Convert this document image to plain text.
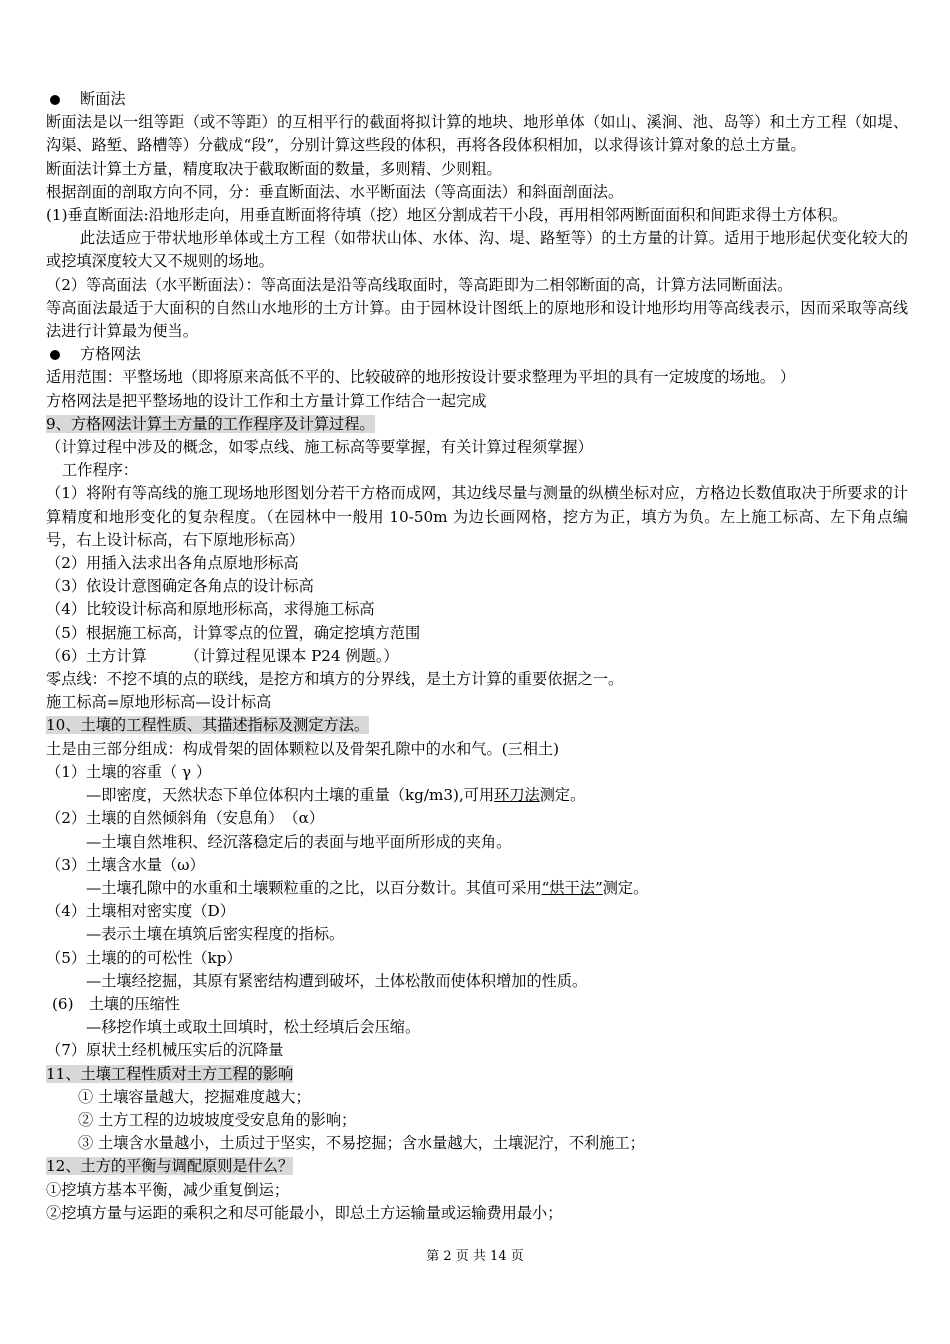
断面法
断面法是以一组等距（或不等距）的互相平行的截面将拟计算的地块、地形单体（如山、溪涧、池、岛等）和土方工程（如堤、沟渠、路堑、路槽等）分截成“段”，分别计算这些段的体积，再将各段体积相加，以求得该计算对象的总土方量。
断面法计算土方量，精度取决于截取断面的数量，多则精、少则粗。
根据剖面的剖取方向不同，分：垂直断面法、水平断面法（等高面法）和斜面剖面法。
(1)垂直断面法:沿地形走向，用垂直断面将待填（挖）地区分割成若干小段，再用相邻两断面面积和间距求得土方体积。
此法适应于带状地形单体或土方工程（如带状山体、水体、沟、堤、路堑等）的土方量的计算。适用于地形起伏变化较大的或挖填深度较大又不规则的场地。
（2）等高面法（水平断面法）：等高面法是沿等高线取面时，等高距即为二相邻断面的高，计算方法同断面法。
等高面法最适于大面积的自然山水地形的土方计算。由于园林设计图纸上的原地形和设计地形均用等高线表示，因而采取等高线法进行计算最为便当。
方格网法
适用范围：平整场地（即将原来高低不平的、比较破碎的地形按设计要求整理为平坦的具有一定坡度的场地。 ）
方格网法是把平整场地的设计工作和土方量计算工作结合一起完成
9、方格网法计算土方量的工作程序及计算过程。
（计算过程中涉及的概念，如零点线、施工标高等要掌握，有关计算过程须掌握）
工作程序：
（1）将附有等高线的施工现场地形图划分若干方格而成网，其边线尽量与测量的纵横坐标对应，方格边长数值取决于所要求的计算精度和地形变化的复杂程度。（在园林中一般用 10-50m 为边长画网格，挖方为正，填方为负。左上施工标高、左下角点编号，右上设计标高，右下原地形标高）
（2）用插入法求出各角点原地形标高
（3）依设计意图确定各角点的设计标高
（4）比较设计标高和原地形标高，求得施工标高
（5）根据施工标高，计算零点的位置，确定挖填方范围
（6）土方计算　　　（计算过程见课本 P24 例题。）
零点线：不挖不填的点的联线，是挖方和填方的分界线，是土方计算的重要依据之一。
施工标高=原地形标高—设计标高
10、土壤的工程性质、其描述指标及测定方法。
土是由三部分组成：构成骨架的固体颗粒以及骨架孔隙中的水和气。(三相土)
（1）土壤的容重（ γ ）
—即密度，天然状态下单位体积内土壤的重量（kg/m3),可用环刀法测定。
（2）土壤的自然倾斜角（安息角）　（α）
—土壤自然堆积、经沉落稳定后的表面与地平面所形成的夹角。
（3）土壤含水量（ω）
—土壤孔隙中的水重和土壤颗粒重的之比，以百分数计。其值可采用“烘干法”测定。
（4）土壤相对密实度（D）
—表示土壤在填筑后密实程度的指标。
（5）土壤的的可松性（kp）
—土壤经挖掘，其原有紧密结构遭到破坏，土体松散而使体积增加的性质。
(6)　土壤的压缩性
—移挖作填土或取土回填时，松土经填后会压缩。
（7）原状土经机械压实后的沉降量
11、土壤工程性质对土方工程的影响
① 土壤容量越大，挖掘难度越大；
② 土方工程的边坡坡度受安息角的影响；
③ 土壤含水量越小，土质过于坚实，不易挖掘；含水量越大，土壤泥泞，不利施工；
12、土方的平衡与调配原则是什么？
①挖填方基本平衡，减少重复倒运；
②挖填方量与运距的乘积之和尽可能最小，即总土方运输量或运输费用最小；
第 2 页 共 14 页
